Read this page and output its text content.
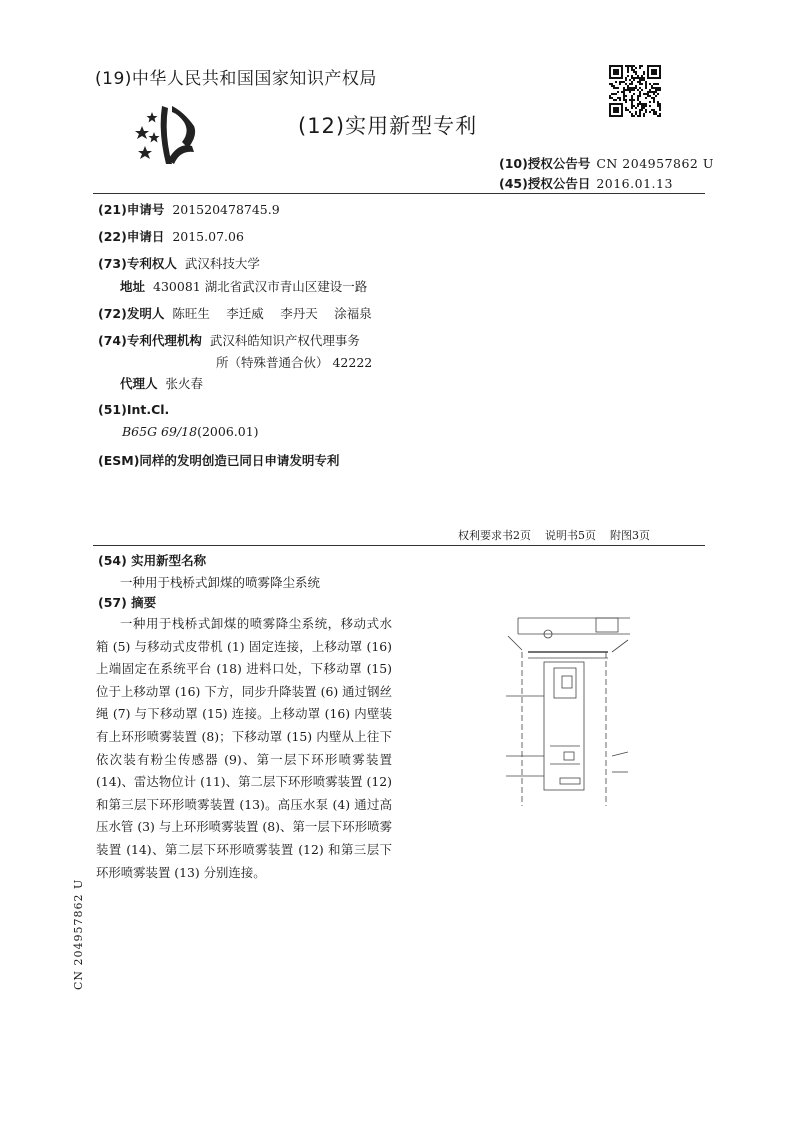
(19)中华人民共和国国家知识产权局
(12)实用新型专利
(10)授权公告号 CN 204957862 U
(45)授权公告日 2016.01.13
(21)申请号 201520478745.9
(22)申请日 2015.07.06
(73)专利权人 武汉科技大学
地址 430081 湖北省武汉市青山区建设一路
(72)发明人 陈旺生　 李迁威　 李丹天　 涂福泉
(74)专利代理机构 武汉科皓知识产权代理事务
所（特殊普通合伙） 42222
代理人 张火春
(51)Int.Cl.
B65G 69/18(2006.01)
(ESM)同样的发明创造已同日申请发明专利
权利要求书2页 说明书5页 附图3页
(54) 实用新型名称
一种用于栈桥式卸煤的喷雾降尘系统
(57) 摘要
一种用于栈桥式卸煤的喷雾降尘系统，移动式水箱 (5) 与移动式皮带机 (1) 固定连接，上移动罩 (16) 上端固定在系统平台 (18) 进料口处，下移动罩 (15) 位于上移动罩 (16) 下方，同步升降装置 (6) 通过钢丝绳 (7) 与下移动罩 (15) 连接。上移动罩 (16) 内壁装有上环形喷雾装置 (8)；下移动罩 (15) 内壁从上往下依次装有粉尘传感器 (9)、第一层下环形喷雾装置 (14)、雷达物位计 (11)、第二层下环形喷雾装置 (12) 和第三层下环形喷雾装置 (13)。高压水泵 (4) 通过高压水管 (3) 与上环形喷雾装置 (8)、第一层下环形喷雾装置 (14)、第二层下环形喷雾装置 (12) 和第三层下环形喷雾装置 (13) 分别连接。
CN 204957862 U
